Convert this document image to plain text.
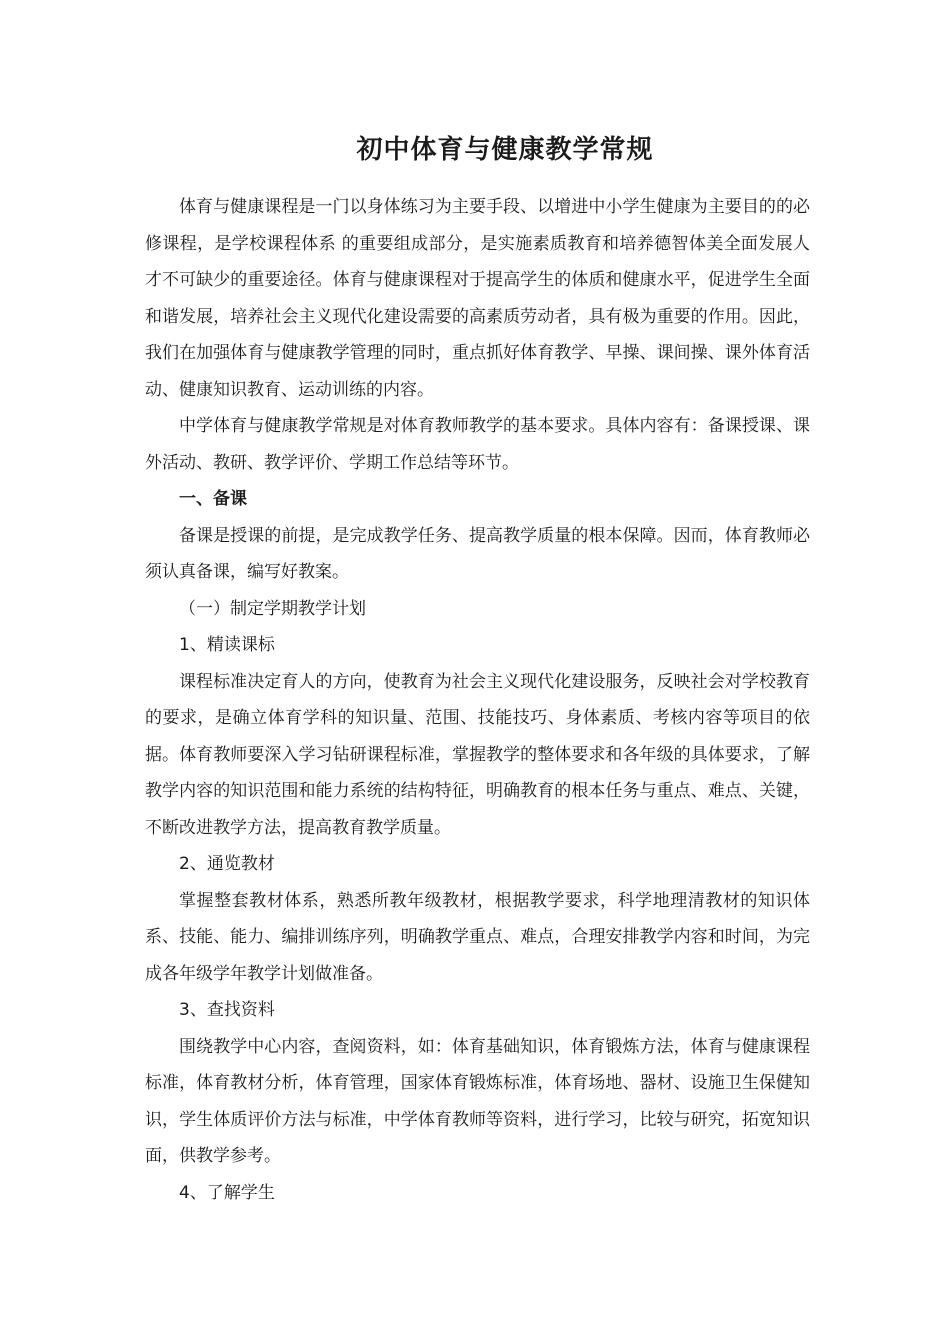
初中体育与健康教学常规

体育与健康课程是一门以身体练习为主要手段、以增进中小学生健康为主要目的的必修课程，是学校课程体系 的重要组成部分，是实施素质教育和培养德智体美全面发展人才不可缺少的重要途径。体育与健康课程对于提高学生的体质和健康水平，促进学生全面和谐发展，培养社会主义现代化建设需要的高素质劳动者，具有极为重要的作用。因此，我们在加强体育与健康教学管理的同时，重点抓好体育教学、早操、课间操、课外体育活动、健康知识教育、运动训练的内容。

中学体育与健康教学常规是对体育教师教学的基本要求。具体内容有：备课授课、课外活动、教研、教学评价、学期工作总结等环节。

一、备课

备课是授课的前提，是完成教学任务、提高教学质量的根本保障。因而，体育教师必须认真备课，编写好教案。

（一）制定学期教学计划

1、精读课标

课程标准决定育人的方向，使教育为社会主义现代化建设服务，反映社会对学校教育的要求，是确立体育学科的知识量、范围、技能技巧、身体素质、考核内容等项目的依据。体育教师要深入学习钻研课程标准，掌握教学的整体要求和各年级的具体要求，了解教学内容的知识范围和能力系统的结构特征，明确教育的根本任务与重点、难点、关键，不断改进教学方法，提高教育教学质量。

2、通览教材

掌握整套教材体系，熟悉所教年级教材，根据教学要求，科学地理清教材的知识体系、技能、能力、编排训练序列，明确教学重点、难点，合理安排教学内容和时间，为完成各年级学年教学计划做准备。

3、查找资料

围绕教学中心内容，查阅资料，如：体育基础知识，体育锻炼方法，体育与健康课程标准，体育教材分析，体育管理，国家体育锻炼标准，体育场地、器材、设施卫生保健知识，学生体质评价方法与标准，中学体育教师等资料，进行学习，比较与研究，拓宽知识面，供教学参考。

4、了解学生
